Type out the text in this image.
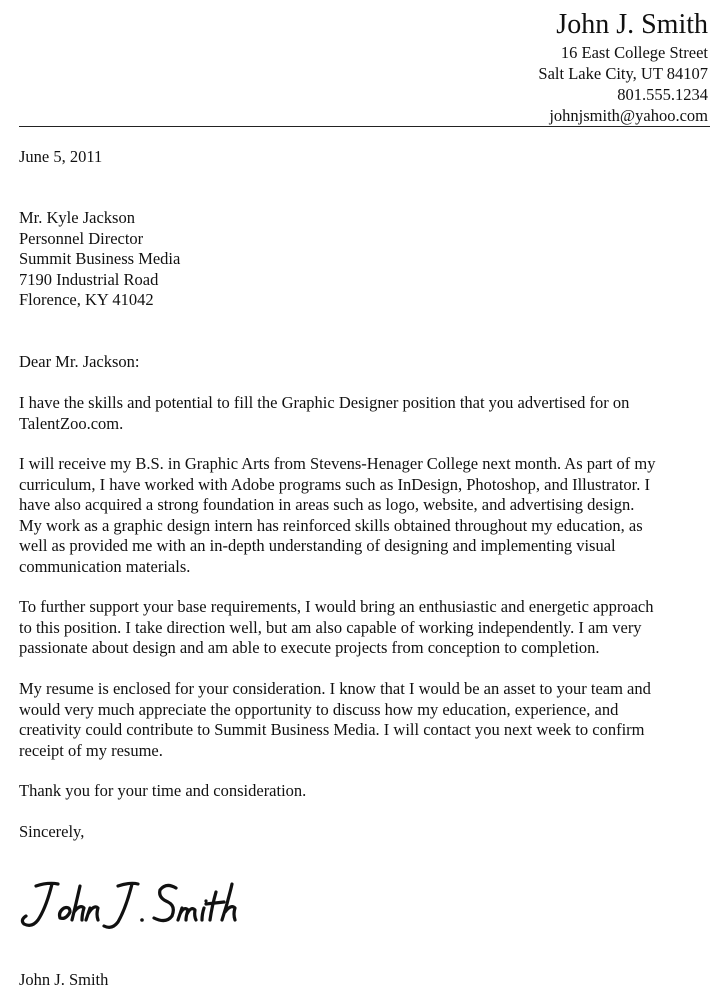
John J. Smith
16 East College Street
Salt Lake City, UT 84107
801.555.1234
johnjsmith@yahoo.com
June 5, 2011
Mr. Kyle Jackson
Personnel Director
Summit Business Media
7190 Industrial Road
Florence, KY 41042
Dear Mr. Jackson:
I have the skills and potential to fill the Graphic Designer position that you advertised for on
TalentZoo.com.
I will receive my B.S. in Graphic Arts from Stevens-Henager College next month. As part of my
curriculum, I have worked with Adobe programs such as InDesign, Photoshop, and Illustrator. I
have also acquired a strong foundation in areas such as logo, website, and advertising design.
My work as a graphic design intern has reinforced skills obtained throughout my education, as
well as provided me with an in-depth understanding of designing and implementing visual
communication materials.
To further support your base requirements, I would bring an enthusiastic and energetic approach
to this position. I take direction well, but am also capable of working independently. I am very
passionate about design and am able to execute projects from conception to completion.
My resume is enclosed for your consideration. I know that I would be an asset to your team and
would very much appreciate the opportunity to discuss how my education, experience, and
creativity could contribute to Summit Business Media. I will contact you next week to confirm
receipt of my resume.
Thank you for your time and consideration.
Sincerely,
John J. Smith
